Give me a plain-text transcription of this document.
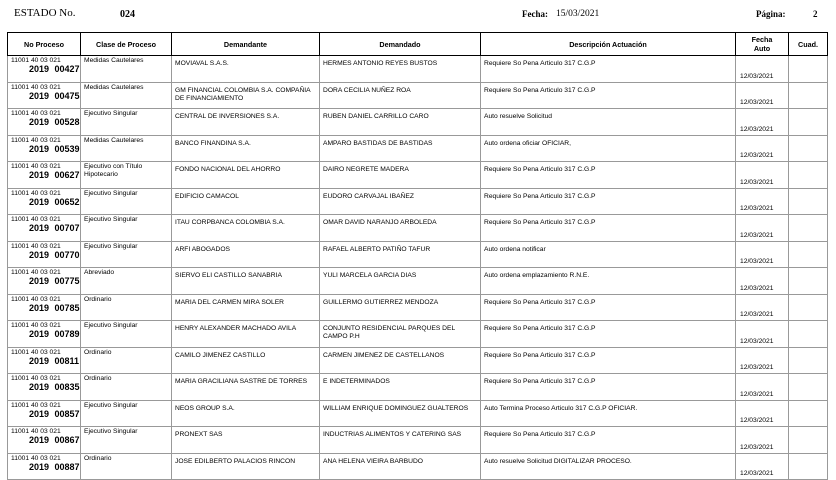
ESTADO No.	024	Fecha: 15/03/2021	Página:	2
No Proceso	Clase de Proceso	Demandante	Demandado	Descripción Actuación	Fecha
Auto	Cuad.

11001 40 03 021
2019 00427	Medidas Cautelares	MOVIAVAL S.A.S.	HERMES ANTONIO REYES BUSTOS	Requiere So Pena Articulo 317 C.G.P	12/03/2021	

11001 40 03 021
2019 00475	Medidas Cautelares	GM FINANCIAL COLOMBIA S.A. COMPAÑIA DE FINANCIAMIENTO	DORA CECILIA NUÑEZ ROA	Requiere So Pena Articulo 317 C.G.P	12/03/2021	

11001 40 03 021
2019 00528	Ejecutivo Singular	CENTRAL DE INVERSIONES S.A.	RUBEN DANIEL CARRILLO CARO	Auto resuelve Solicitud	12/03/2021	

11001 40 03 021
2019 00539	Medidas Cautelares	BANCO FINANDINA S.A.	AMPARO BASTIDAS DE BASTIDAS	Auto ordena oficiar OFICIAR,	12/03/2021	

11001 40 03 021
2019 00627	Ejecutivo con Título Hipotecario	FONDO NACIONAL DEL AHORRO	DAIRO NEGRETE MADERA	Requiere So Pena Articulo 317 C.G.P	12/03/2021	

11001 40 03 021
2019 00652	Ejecutivo Singular	EDIFICIO CAMACOL	EUDORO CARVAJAL IBAÑEZ	Requiere So Pena Articulo 317 C.G.P	12/03/2021	

11001 40 03 021
2019 00707	Ejecutivo Singular	ITAU CORPBANCA COLOMBIA S.A.	OMAR DAVID NARANJO ARBOLEDA	Requiere So Pena Articulo 317 C.G.P	12/03/2021	

11001 40 03 021
2019 00770	Ejecutivo Singular	ARFI ABOGADOS	RAFAEL ALBERTO PATIÑO TAFUR	Auto ordena notificar	12/03/2021	

11001 40 03 021
2019 00775	Abreviado	SIERVO ELI CASTILLO SANABRIA	YULI MARCELA GARCIA DIAS	Auto ordena emplazamiento R.N.E.	12/03/2021	

11001 40 03 021
2019 00785	Ordinario	MARIA DEL CARMEN MIRA SOLER	GUILLERMO GUTIERREZ MENDOZA	Requiere So Pena Articulo 317 C.G.P	12/03/2021	

11001 40 03 021
2019 00789	Ejecutivo Singular	HENRY ALEXANDER MACHADO AVILA	CONJUNTO RESIDENCIAL PARQUES DEL CAMPO P.H	Requiere So Pena Articulo 317 C.G.P	12/03/2021	

11001 40 03 021
2019 00811	Ordinario	CAMILO JIMENEZ CASTILLO	CARMEN JIMENEZ DE CASTELLANOS	Requiere So Pena Articulo 317 C.G.P	12/03/2021	

11001 40 03 021
2019 00835	Ordinario	MARIA GRACILIANA SASTRE DE TORRES	E INDETERMINADOS	Requiere So Pena Articulo 317 C.G.P	12/03/2021	

11001 40 03 021
2019 00857	Ejecutivo Singular	NEOS GROUP S.A.	WILLIAM ENRIQUE DOMINGUEZ GUALTEROS	Auto Termina Proceso Articulo 317 C.G.P OFICIAR.	12/03/2021	

11001 40 03 021
2019 00867	Ejecutivo Singular	PRONEXT SAS	INDUCTRIAS ALIMENTOS Y CATERING SAS	Requiere So Pena Articulo 317 C.G.P	12/03/2021	

11001 40 03 021
2019 00887	Ordinario	JOSE EDILBERTO PALACIOS RINCON	ANA HELENA VIEIRA BARBUDO	Auto resuelve Solicitud DIGITALIZAR PROCESO.	12/03/2021	
